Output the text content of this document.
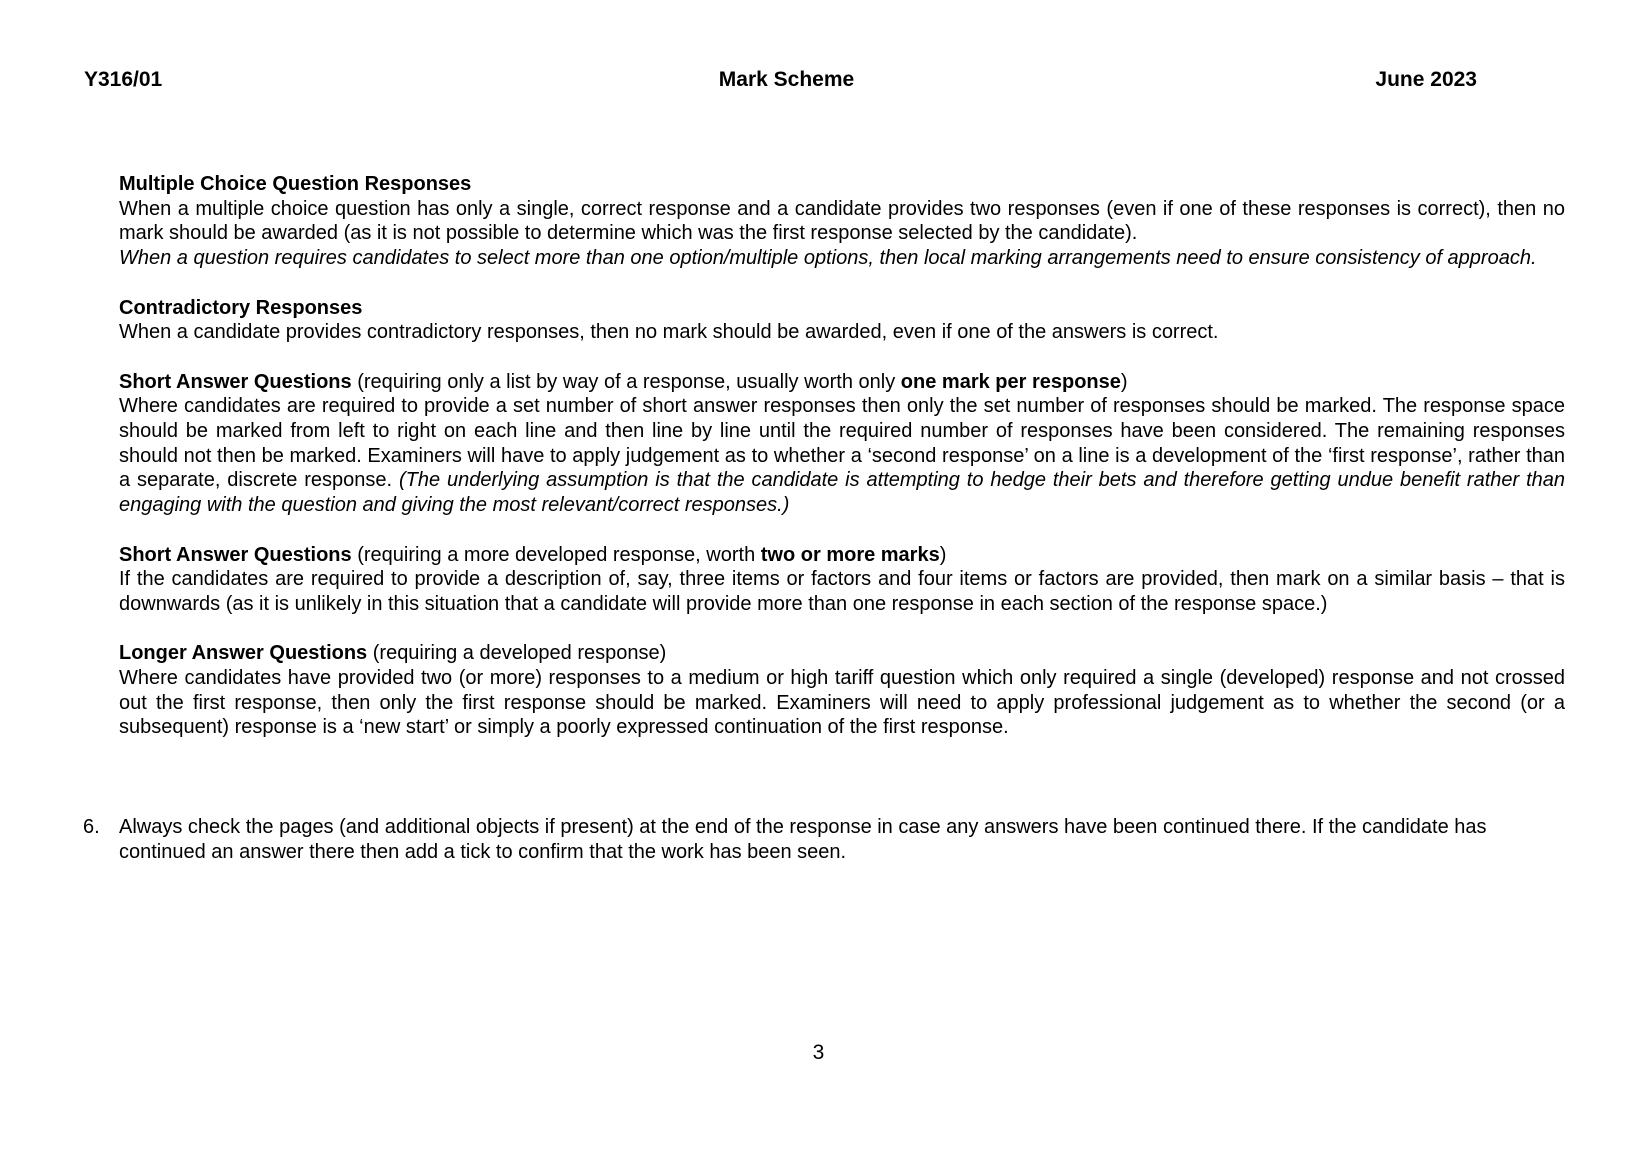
Y316/01	Mark Scheme	June 2023

Multiple Choice Question Responses

When a multiple choice question has only a single, correct response and a candidate provides two responses (even if one of these responses is correct), then no mark should be awarded (as it is not possible to determine which was the first response selected by the candidate).
When a question requires candidates to select more than one option/multiple options, then local marking arrangements need to ensure consistency of approach.

Contradictory Responses

When a candidate provides contradictory responses, then no mark should be awarded, even if one of the answers is correct.

Short Answer Questions (requiring only a list by way of a response, usually worth only one mark per response)

Where candidates are required to provide a set number of short answer responses then only the set number of responses should be marked. The response space should be marked from left to right on each line and then line by line until the required number of responses have been considered. The remaining responses should not then be marked. Examiners will have to apply judgement as to whether a ‘second response’ on a line is a development of the ‘first response’, rather than a separate, discrete response. (The underlying assumption is that the candidate is attempting to hedge their bets and therefore getting undue benefit rather than engaging with the question and giving the most relevant/correct responses.)

Short Answer Questions (requiring a more developed response, worth two or more marks)

If the candidates are required to provide a description of, say, three items or factors and four items or factors are provided, then mark on a similar basis – that is downwards (as it is unlikely in this situation that a candidate will provide more than one response in each section of the response space.)

Longer Answer Questions (requiring a developed response)

Where candidates have provided two (or more) responses to a medium or high tariff question which only required a single (developed) response and not crossed out the first response, then only the first response should be marked. Examiners will need to apply professional judgement as to whether the second (or a subsequent) response is a ‘new start’ or simply a poorly expressed continuation of the first response.

6. Always check the pages (and additional objects if present) at the end of the response in case any answers have been continued there. If the candidate has continued an answer there then add a tick to confirm that the work has been seen.
3
